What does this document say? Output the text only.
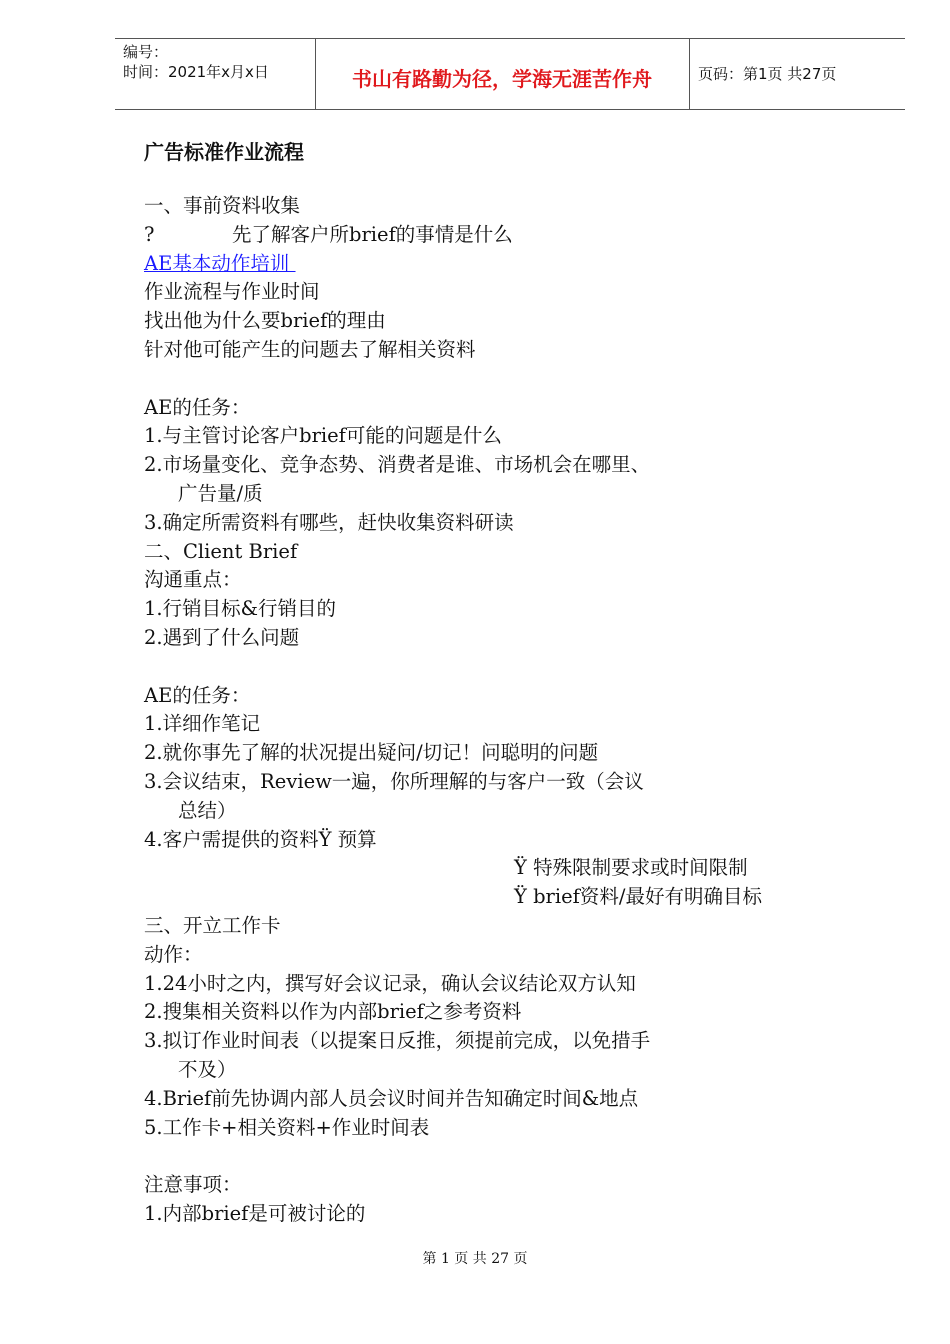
编号：
时间：2021年x月x日	书山有路勤为径，学海无涯苦作舟	页码：第1页 共27页
广告标准作业流程
一、事前资料收集
?	先了解客户所brief的事情是什么
AE基本动作培训
作业流程与作业时间
找出他为什么要brief的理由
针对他可能产生的问题去了解相关资料
AE的任务：
1.与主管讨论客户brief可能的问题是什么
2.市场量变化、竞争态势、消费者是谁、市场机会在哪里、
广告量/质
3.确定所需资料有哪些，赶快收集资料研读
二、Client Brief
沟通重点：
1.行销目标&行销目的
2.遇到了什么问题
AE的任务：
1.详细作笔记
2.就你事先了解的状况提出疑问/切记！问聪明的问题
3.会议结束，Review一遍，你所理解的与客户一致（会议
总结）
4.客户需提供的资料Ÿ 预算
Ÿ 特殊限制要求或时间限制
Ÿ brief资料/最好有明确目标
三、开立工作卡
动作：
1.24小时之内，撰写好会议记录，确认会议结论双方认知
2.搜集相关资料以作为内部brief之参考资料
3.拟订作业时间表（以提案日反推，须提前完成，以免措手
不及）
4.Brief前先协调内部人员会议时间并告知确定时间&地点
5.工作卡+相关资料+作业时间表
注意事项：
1.内部brief是可被讨论的
第 1 页 共 27 页
